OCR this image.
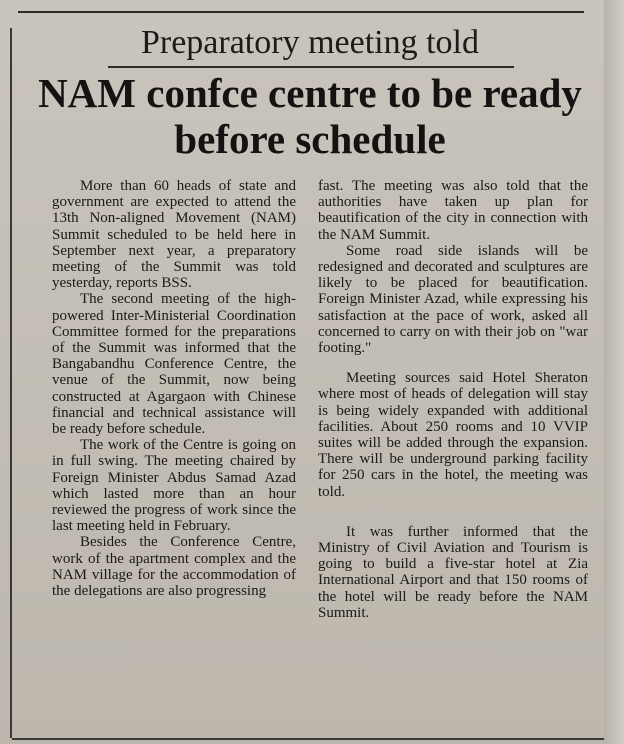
Preparatory meeting told
NAM confce centre to be ready before schedule

More than 60 heads of state and government are expected to attend the 13th Non-aligned Movement (NAM) Summit scheduled to be held here in September next year, a preparatory meeting of the Summit was told yesterday, reports BSS.

The second meeting of the high-powered Inter-Ministerial Coordination Committee formed for the preparations of the Summit was informed that the Bangabandhu Conference Centre, the venue of the Summit, now being constructed at Agargaon with Chinese financial and technical assistance will be ready before schedule.

The work of the Centre is going on in full swing. The meeting chaired by Foreign Minister Abdus Samad Azad which lasted more than an hour reviewed the progress of work since the last meeting held in February.

Besides the Conference Centre, work of the apartment complex and the NAM village for the accommodation of the delegations are also progressing

fast. The meeting was also told that the authorities have taken up plan for beautification of the city in connection with the NAM Summit.

Some road side islands will be redesigned and decorated and sculptures are likely to be placed for beautification. Foreign Minister Azad, while expressing his satisfaction at the pace of work, asked all concerned to carry on with their job on "war footing."

Meeting sources said Hotel Sheraton where most of heads of delegation will stay is being widely expanded with additional facilities. About 250 rooms and 10 VVIP suites will be added through the expansion. There will be underground parking facility for 250 cars in the hotel, the meeting was told.

It was further informed that the Ministry of Civil Aviation and Tourism is going to build a five-star hotel at Zia International Airport and that 150 rooms of the hotel will be ready before the NAM Summit.
